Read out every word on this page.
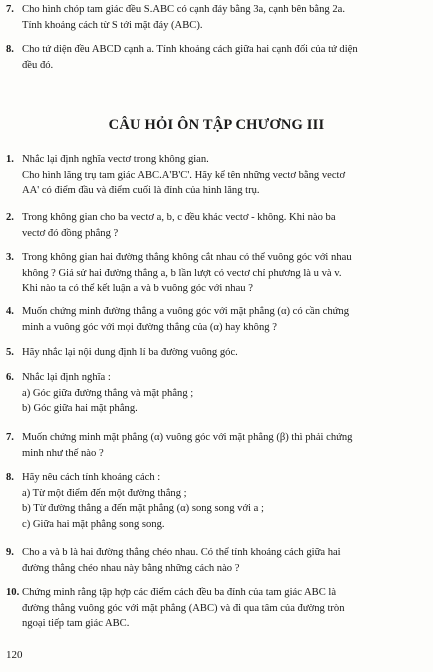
7. Cho hình chóp tam giác đều S.ABC có cạnh đáy bằng 3a, cạnh bên bằng 2a.

Tính khoảng cách từ S tới mặt đáy (ABC).

8. Cho tứ diện đều ABCD cạnh a. Tính khoảng cách giữa hai cạnh đối của tứ diện

đều đó.

CÂU HỎI ÔN TẬP CHƯƠNG III
1. Nhắc lại định nghĩa vectơ trong không gian.

Cho hình lăng trụ tam giác ABC.A'B'C'. Hãy kể tên những vectơ bằng vectơ

AA' có điểm đầu và điểm cuối là đỉnh của hình lăng trụ.

2. Trong không gian cho ba vectơ a, b, c đều khác vectơ - không. Khi nào ba

vectơ đó đồng phẳng ?

3. Trong không gian hai đường thẳng không cắt nhau có thể vuông góc với nhau

không ? Giả sử hai đường thẳng a, b lần lượt có vectơ chỉ phương là u và v.

Khi nào ta có thể kết luận a và b vuông góc với nhau ?

4. Muốn chứng minh đường thẳng a vuông góc với mặt phẳng (α) có cần chứng

minh a vuông góc với mọi đường thẳng của (α) hay không ?

5. Hãy nhắc lại nội dung định lí ba đường vuông góc.

6. Nhắc lại định nghĩa :

a) Góc giữa đường thẳng và mặt phẳng ;

b) Góc giữa hai mặt phẳng.

7. Muốn chứng minh mặt phẳng (α) vuông góc với mặt phẳng (β) thì phải chứng

minh như thế nào ?

8. Hãy nêu cách tính khoảng cách :

a) Từ một điểm đến một đường thẳng ;

b) Từ đường thẳng a đến mặt phẳng (α) song song với a ;

c) Giữa hai mặt phẳng song song.

9. Cho a và b là hai đường thẳng chéo nhau. Có thể tính khoảng cách giữa hai

đường thẳng chéo nhau này bằng những cách nào ?

10. Chứng minh rằng tập hợp các điểm cách đều ba đỉnh của tam giác ABC là

đường thẳng vuông góc với mặt phẳng (ABC) và đi qua tâm của đường tròn

ngoại tiếp tam giác ABC.

120
